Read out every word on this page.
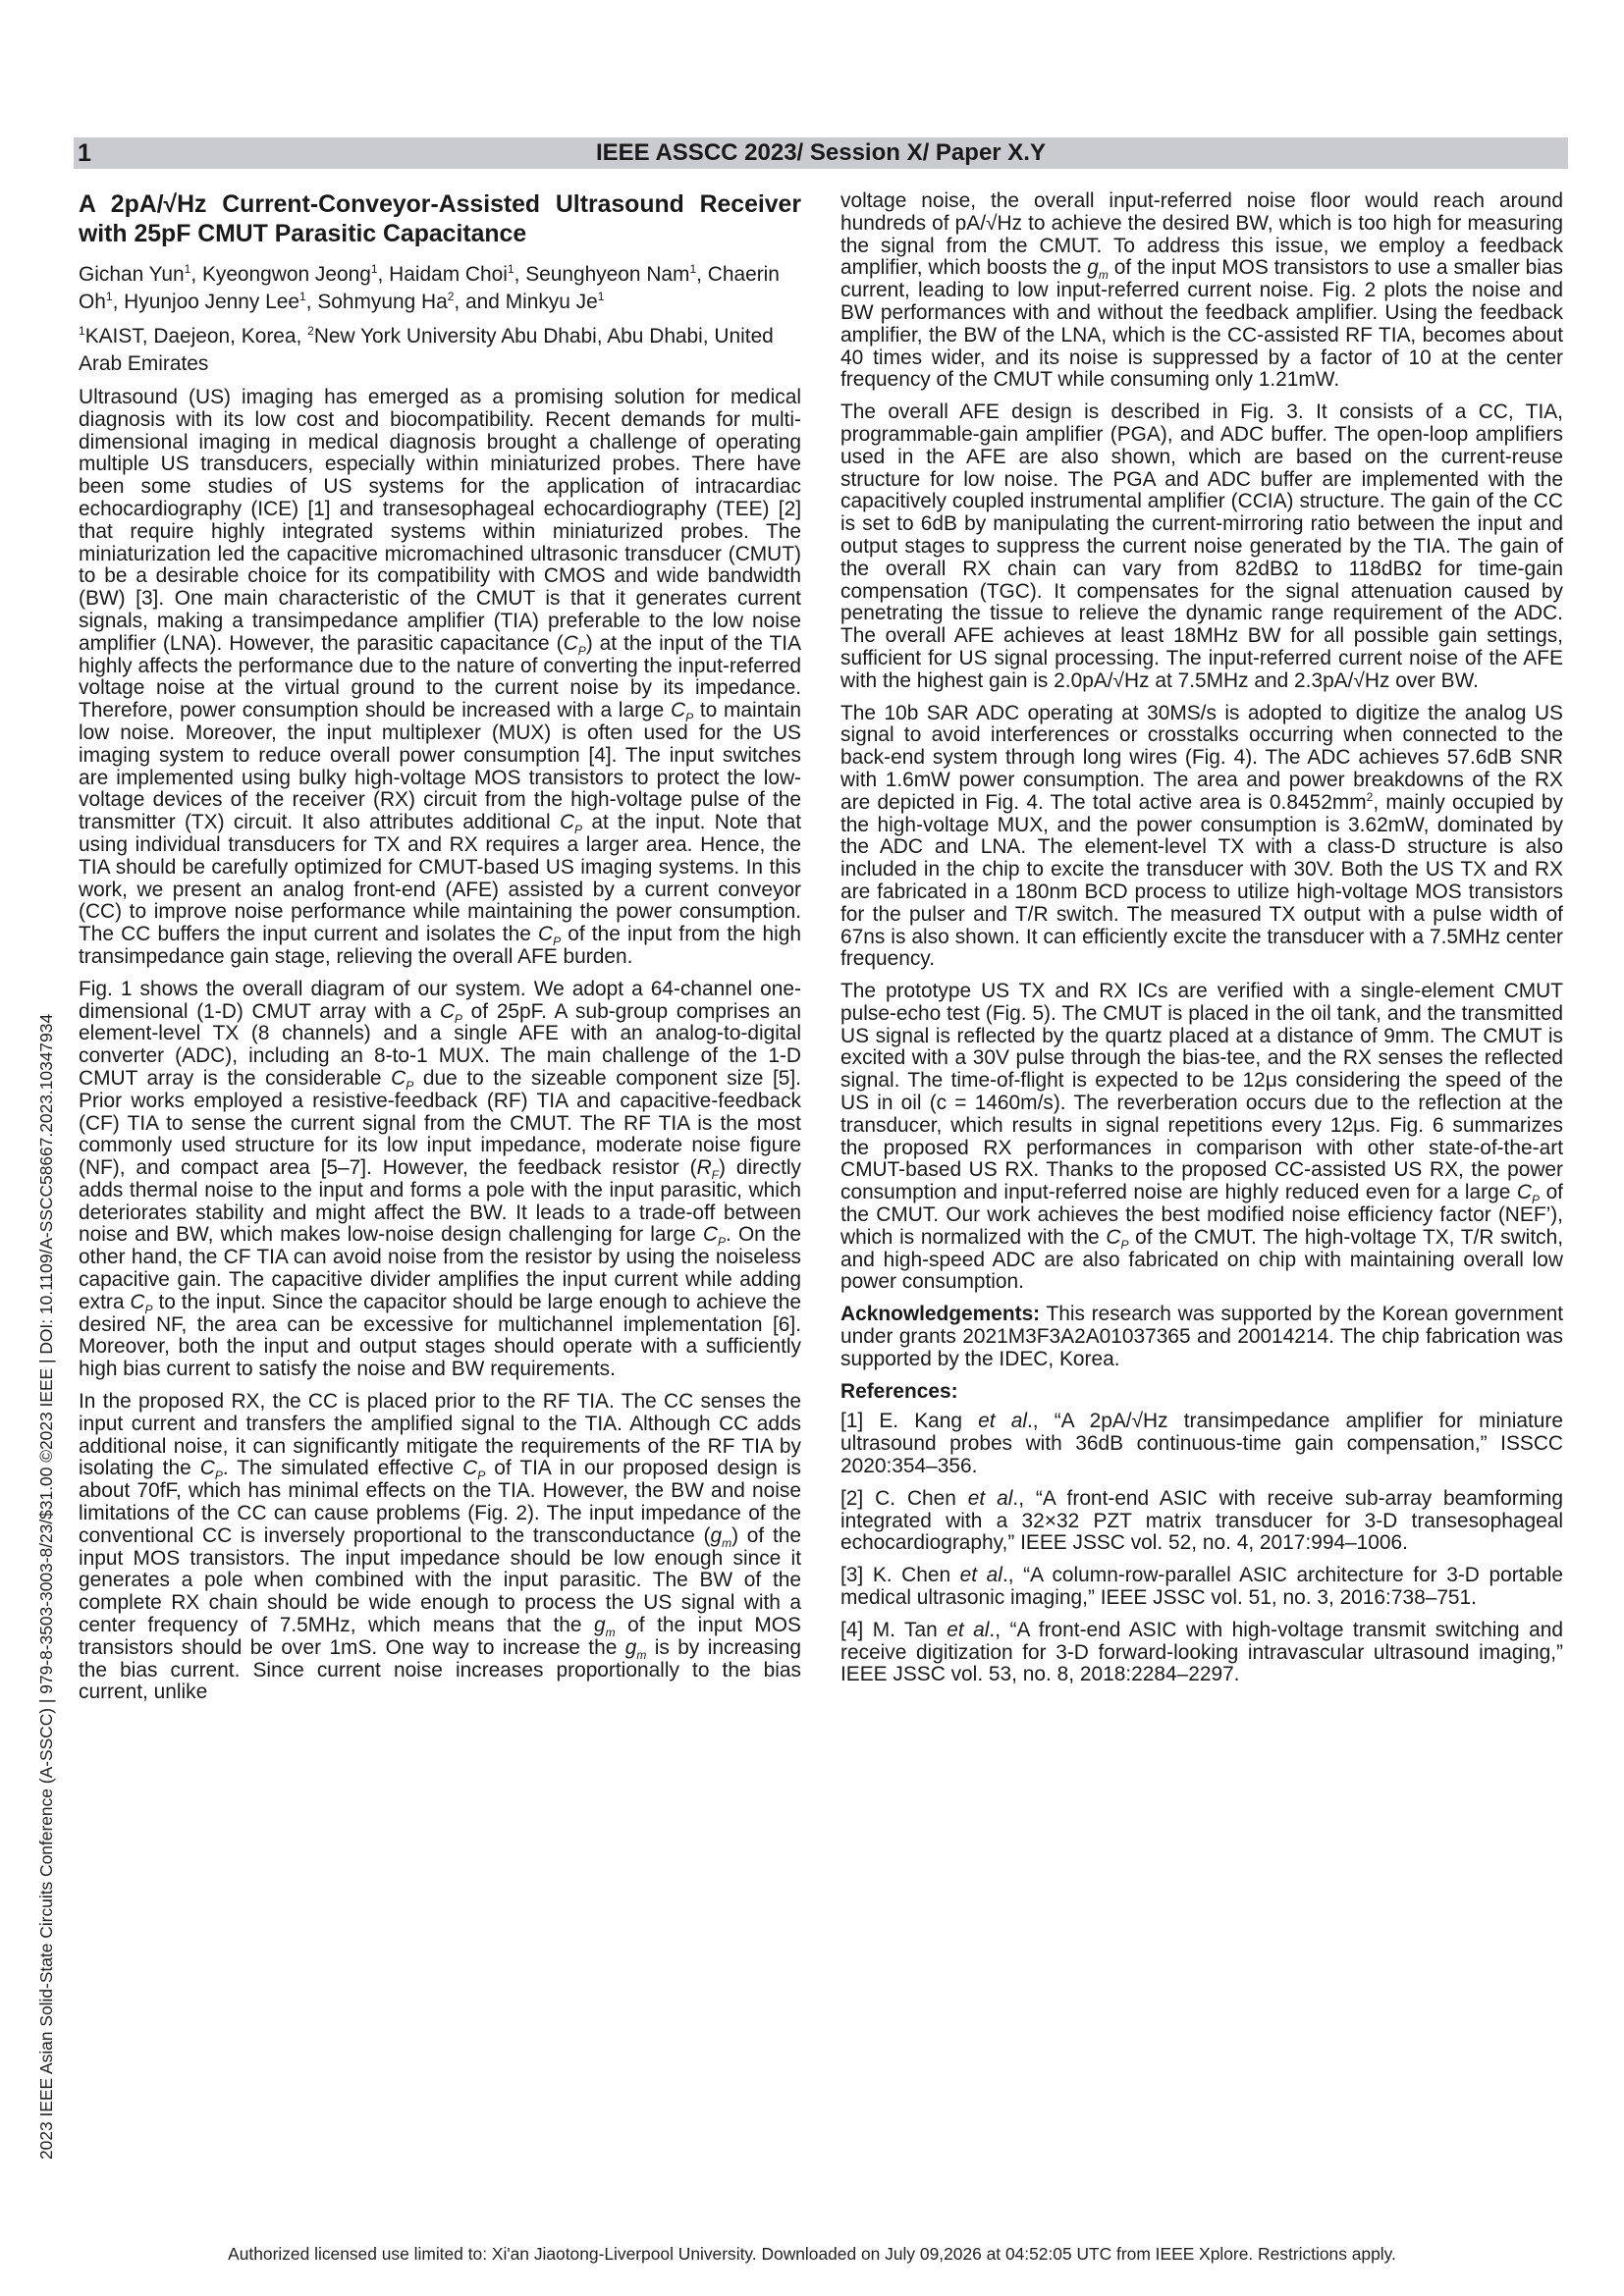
1	IEEE ASSCC 2023/ Session X/ Paper X.Y
2023 IEEE Asian Solid-State Circuits Conference (A-SSCC) | 979-8-3503-3003-8/23/$31.00 ©2023 IEEE | DOI: 10.1109/A-SSCC58667.2023.10347934
A 2pA/√Hz Current-Conveyor-Assisted Ultrasound Receiver with 25pF CMUT Parasitic Capacitance
Gichan Yun$^1$, Kyeongwon Jeong$^1$, Haidam Choi$^1$, Seunghyeon Nam$^1$, Chaerin Oh$^1$, Hyunjoo Jenny Lee$^1$, Sohmyung Ha$^2$, and Minkyu Je$^1$
$^1$KAIST, Daejeon, Korea, $^2$New York University Abu Dhabi, Abu Dhabi, United Arab Emirates

Ultrasound (US) imaging has emerged as a promising solution for medical diagnosis with its low cost and biocompatibility. Recent demands for multi-dimensional imaging in medical diagnosis brought a challenge of operating multiple US transducers, especially within miniaturized probes. There have been some studies of US systems for the application of intracardiac echocardiography (ICE) [1] and transesophageal echocardiography (TEE) [2] that require highly integrated systems within miniaturized probes. The miniaturization led the capacitive micromachined ultrasonic transducer (CMUT) to be a desirable choice for its compatibility with CMOS and wide bandwidth (BW) [3]. One main characteristic of the CMUT is that it generates current signals, making a transimpedance amplifier (TIA) preferable to the low noise amplifier (LNA). However, the parasitic capacitance $(C_P)$ at the input of the TIA highly affects the performance due to the nature of converting the input-referred voltage noise at the virtual ground to the current noise by its impedance. Therefore, power consumption should be increased with a large $C_P$ to maintain low noise. Moreover, the input multiplexer (MUX) is often used for the US imaging system to reduce overall power consumption [4]. The input switches are implemented using bulky high-voltage MOS transistors to protect the low-voltage devices of the receiver (RX) circuit from the high-voltage pulse of the transmitter (TX) circuit. It also attributes additional $C_P$ at the input. Note that using individual transducers for TX and RX requires a larger area. Hence, the TIA should be carefully optimized for CMUT-based US imaging systems. In this work, we present an analog front-end (AFE) assisted by a current conveyor (CC) to improve noise performance while maintaining the power consumption. The CC buffers the input current and isolates the $C_P$ of the input from the high transimpedance gain stage, relieving the overall AFE burden.

Fig. 1 shows the overall diagram of our system. We adopt a 64-channel one-dimensional (1-D) CMUT array with a $C_P$ of 25pF. A sub-group comprises an element-level TX (8 channels) and a single AFE with an analog-to-digital converter (ADC), including an 8-to-1 MUX. The main challenge of the 1-D CMUT array is the considerable $C_P$ due to the sizeable component size [5]. Prior works employed a resistive-feedback (RF) TIA and capacitive-feedback (CF) TIA to sense the current signal from the CMUT. The RF TIA is the most commonly used structure for its low input impedance, moderate noise figure (NF), and compact area [5–7]. However, the feedback resistor $(R_F)$ directly adds thermal noise to the input and forms a pole with the input parasitic, which deteriorates stability and might affect the BW. It leads to a trade-off between noise and BW, which makes low-noise design challenging for large $C_P$. On the other hand, the CF TIA can avoid noise from the resistor by using the noiseless capacitive gain. The capacitive divider amplifies the input current while adding extra $C_P$ to the input. Since the capacitor should be large enough to achieve the desired NF, the area can be excessive for multichannel implementation [6]. Moreover, both the input and output stages should operate with a sufficiently high bias current to satisfy the noise and BW requirements.

In the proposed RX, the CC is placed prior to the RF TIA. The CC senses the input current and transfers the amplified signal to the TIA. Although CC adds additional noise, it can significantly mitigate the requirements of the RF TIA by isolating the $C_P$. The simulated effective $C_P$ of TIA in our proposed design is about 70fF, which has minimal effects on the TIA. However, the BW and noise limitations of the CC can cause problems (Fig. 2). The input impedance of the conventional CC is inversely proportional to the transconductance $(g_m)$ of the input MOS transistors. The input impedance should be low enough since it generates a pole when combined with the input parasitic. The BW of the complete RX chain should be wide enough to process the US signal with a center frequency of 7.5MHz, which means that the $g_m$ of the input MOS transistors should be over 1mS. One way to increase the $g_m$ is by increasing the bias current. Since current noise increases proportionally to the bias current, unlike

voltage noise, the overall input-referred noise floor would reach around hundreds of pA/√Hz to achieve the desired BW, which is too high for measuring the signal from the CMUT. To address this issue, we employ a feedback amplifier, which boosts the $g_m$ of the input MOS transistors to use a smaller bias current, leading to low input-referred current noise. Fig. 2 plots the noise and BW performances with and without the feedback amplifier. Using the feedback amplifier, the BW of the LNA, which is the CC-assisted RF TIA, becomes about 40 times wider, and its noise is suppressed by a factor of 10 at the center frequency of the CMUT while consuming only 1.21mW.

The overall AFE design is described in Fig. 3. It consists of a CC, TIA, programmable-gain amplifier (PGA), and ADC buffer. The open-loop amplifiers used in the AFE are also shown, which are based on the current-reuse structure for low noise. The PGA and ADC buffer are implemented with the capacitively coupled instrumental amplifier (CCIA) structure. The gain of the CC is set to 6dB by manipulating the current-mirroring ratio between the input and output stages to suppress the current noise generated by the TIA. The gain of the overall RX chain can vary from 82dBΩ to 118dBΩ for time-gain compensation (TGC). It compensates for the signal attenuation caused by penetrating the tissue to relieve the dynamic range requirement of the ADC. The overall AFE achieves at least 18MHz BW for all possible gain settings, sufficient for US signal processing. The input-referred current noise of the AFE with the highest gain is 2.0pA/√Hz at 7.5MHz and 2.3pA/√Hz over BW.

The 10b SAR ADC operating at 30MS/s is adopted to digitize the analog US signal to avoid interferences or crosstalks occurring when connected to the back-end system through long wires (Fig. 4). The ADC achieves 57.6dB SNR with 1.6mW power consumption. The area and power breakdowns of the RX are depicted in Fig. 4. The total active area is $0.8452mm^2$, mainly occupied by the high-voltage MUX, and the power consumption is 3.62mW, dominated by the ADC and LNA. The element-level TX with a class-D structure is also included in the chip to excite the transducer with 30V. Both the US TX and RX are fabricated in a 180nm BCD process to utilize high-voltage MOS transistors for the pulser and T/R switch. The measured TX output with a pulse width of 67ns is also shown. It can efficiently excite the transducer with a 7.5MHz center frequency.

The prototype US TX and RX ICs are verified with a single-element CMUT pulse-echo test (Fig. 5). The CMUT is placed in the oil tank, and the transmitted US signal is reflected by the quartz placed at a distance of 9mm. The CMUT is excited with a 30V pulse through the bias-tee, and the RX senses the reflected signal. The time-of-flight is expected to be 12μs considering the speed of the US in oil (c = 1460m/s). The reverberation occurs due to the reflection at the transducer, which results in signal repetitions every 12μs. Fig. 6 summarizes the proposed RX performances in comparison with other state-of-the-art CMUT-based US RX. Thanks to the proposed CC-assisted US RX, the power consumption and input-referred noise are highly reduced even for a large $C_P$ of the CMUT. Our work achieves the best modified noise efficiency factor (NEF’), which is normalized with the $C_P$ of the CMUT. The high-voltage TX, T/R switch, and high-speed ADC are also fabricated on chip with maintaining overall low power consumption.

Acknowledgements: This research was supported by the Korean government under grants 2021M3F3A2A01037365 and 20014214. The chip fabrication was supported by the IDEC, Korea.

References:

[1] E. Kang et al., “A 2pA/√Hz transimpedance amplifier for miniature ultrasound probes with 36dB continuous-time gain compensation,” ISSCC 2020:354–356.

[2] C. Chen et al., “A front-end ASIC with receive sub-array beamforming integrated with a 32×32 PZT matrix transducer for 3-D transesophageal echocardiography,” IEEE JSSC vol. 52, no. 4, 2017:994–1006.

[3] K. Chen et al., “A column-row-parallel ASIC architecture for 3-D portable medical ultrasonic imaging,” IEEE JSSC vol. 51, no. 3, 2016:738–751.

[4] M. Tan et al., “A front-end ASIC with high-voltage transmit switching and receive digitization for 3-D forward-looking intravascular ultrasound imaging,” IEEE JSSC vol. 53, no. 8, 2018:2284–2297.

Authorized licensed use limited to: Xi'an Jiaotong-Liverpool University. Downloaded on July 09,2026 at 04:52:05 UTC from IEEE Xplore. Restrictions apply.
